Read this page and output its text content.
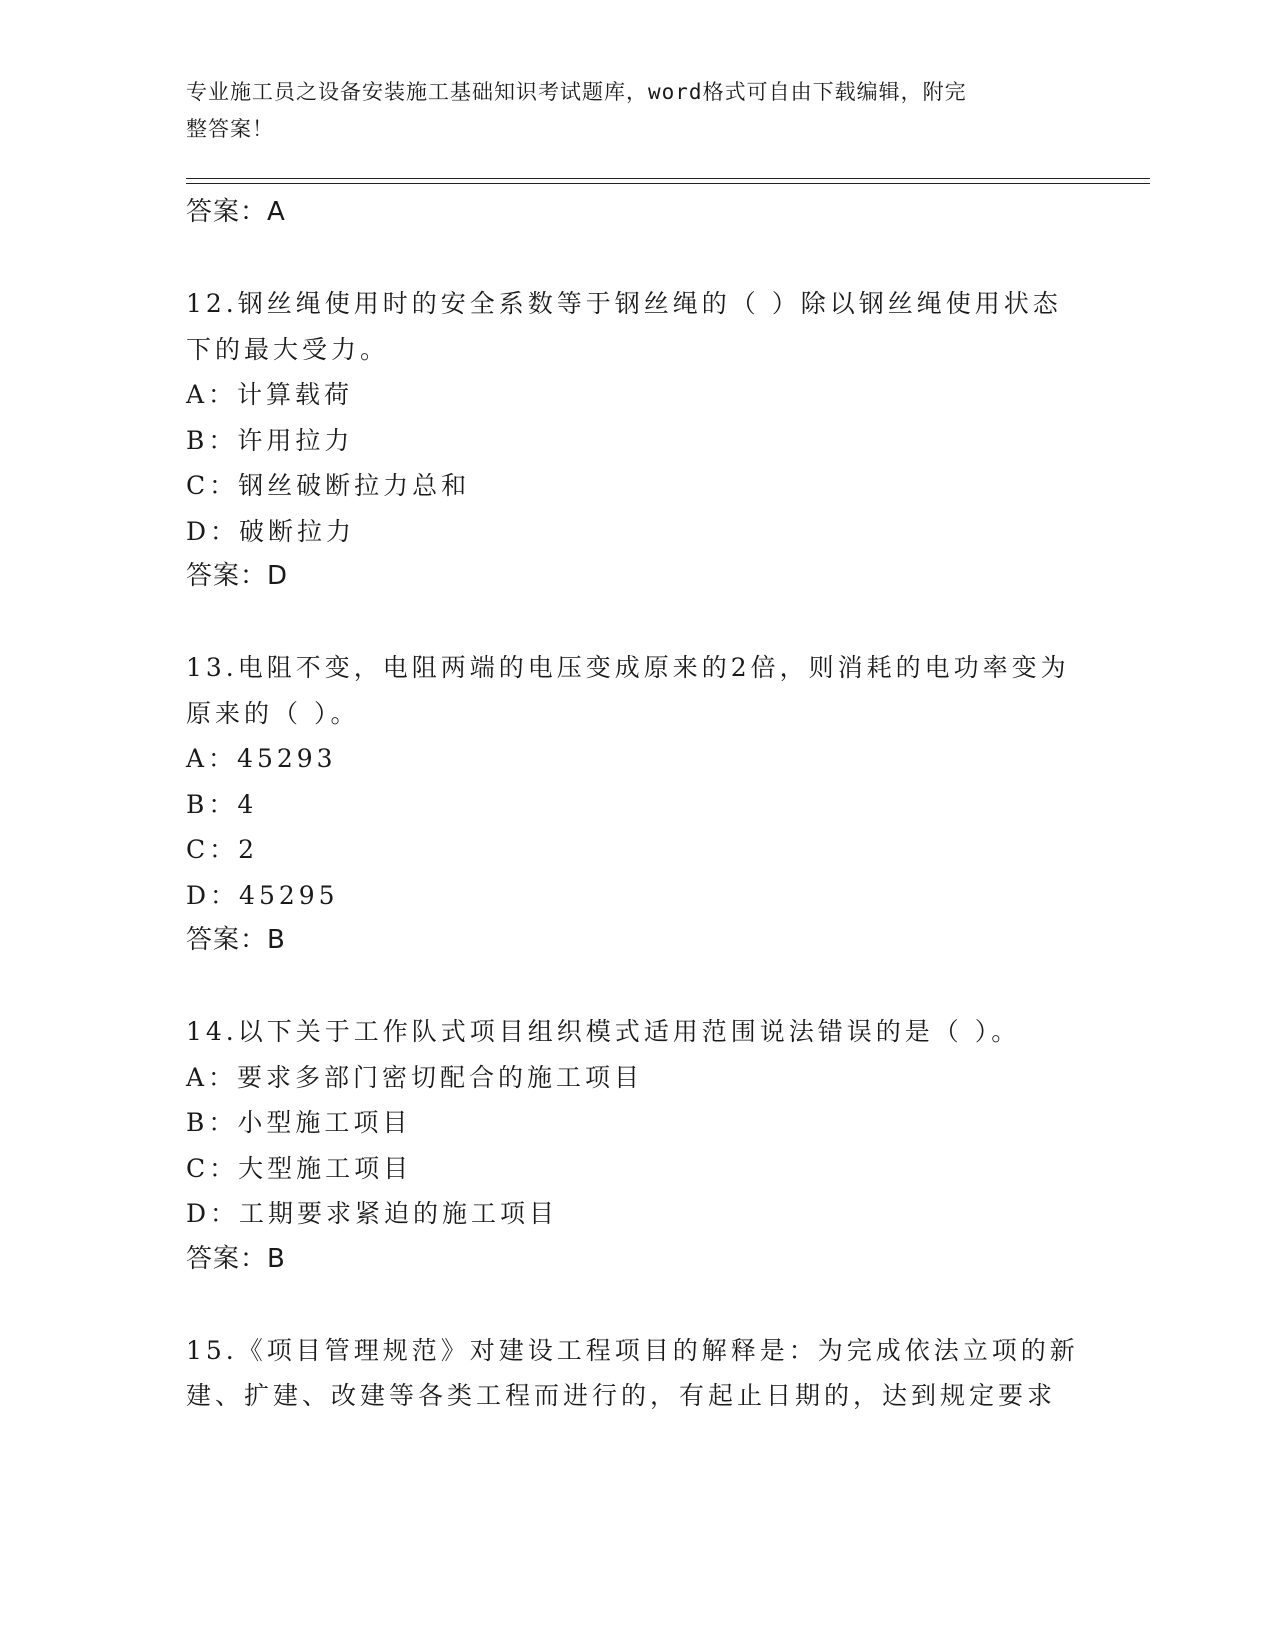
专业施工员之设备安装施工基础知识考试题库，word格式可自由下载编辑，附完
整答案！
答案：A
12.钢丝绳使用时的安全系数等于钢丝绳的（ ）除以钢丝绳使用状态
下的最大受力。
A：计算载荷
B：许用拉力
C：钢丝破断拉力总和
D：破断拉力
答案：D
13.电阻不变，电阻两端的电压变成原来的2倍，则消耗的电功率变为
原来的（ ）。
A：45293
B：4
C：2
D：45295
答案：B
14.以下关于工作队式项目组织模式适用范围说法错误的是（ ）。
A：要求多部门密切配合的施工项目
B：小型施工项目
C：大型施工项目
D：工期要求紧迫的施工项目
答案：B
15.《项目管理规范》对建设工程项目的解释是：为完成依法立项的新
建、扩建、改建等各类工程而进行的，有起止日期的，达到规定要求
